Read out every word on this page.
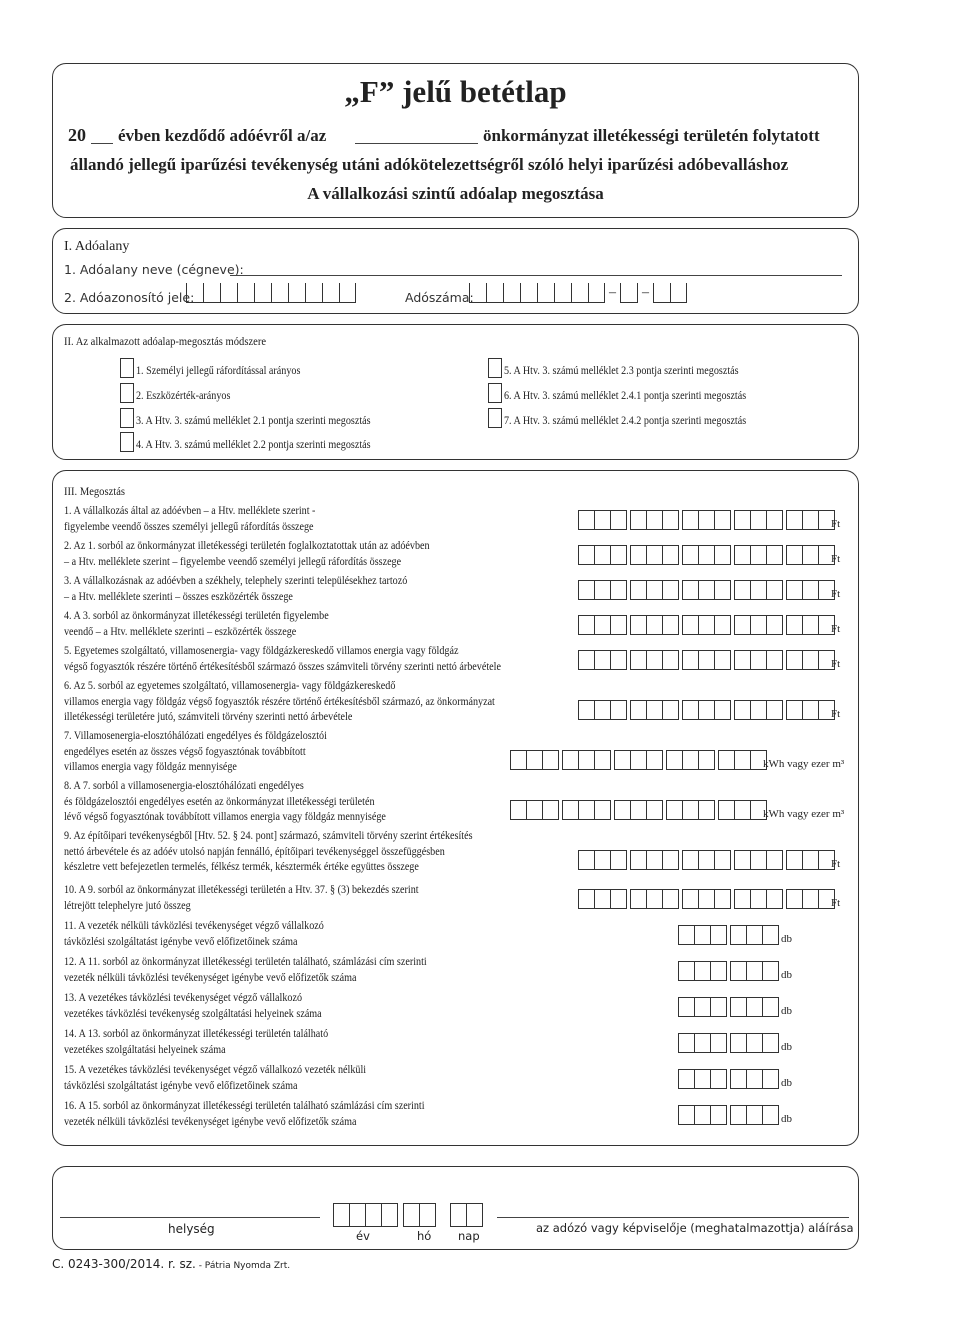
„F” jelű betétlap
20 évben kezdődő adóévről a/az	önkormányzat illetékességi területén folytatott
állandó jellegű iparűzési tevékenység utáni adókötelezettségről szóló helyi iparűzési adóbevalláshoz
A vállalkozási szintű adóalap megosztása
I. Adóalany
1. Adóalany neve (cégneve):
2. Adóazonosító jele:	Adószáma:	– –
II. Az alkalmazott adóalap-megosztás módszere
1. Személyi jellegű ráfordítással arányos
2. Eszközérték-arányos
3. A Htv. 3. számú melléklet 2.1 pontja szerinti megosztás
4. A Htv. 3. számú melléklet 2.2 pontja szerinti megosztás
5. A Htv. 3. számú melléklet 2.3 pontja szerinti megosztás
6. A Htv. 3. számú melléklet 2.4.1 pontja szerinti megosztás
7. A Htv. 3. számú melléklet 2.4.2 pontja szerinti megosztás
III. Megosztás
1. A vállalkozás által az adóévben – a Htv. melléklete szerint -
figyelembe veendő összes személyi jellegű ráfordítás összege	Ft
2. Az 1. sorból az önkormányzat illetékességi területén foglalkoztatottak után az adóévben
– a Htv. melléklete szerint – figyelembe veendő személyi jellegű ráfordítás összege	Ft
3. A vállalkozásnak az adóévben a székhely, telephely szerinti településekhez tartozó
– a Htv. melléklete szerinti – összes eszközérték összege	Ft
4. A 3. sorból az önkormányzat illetékességi területén figyelembe
veendő – a Htv. melléklete szerinti – eszközérték összege	Ft
5. Egyetemes szolgáltató, villamosenergia- vagy földgázkereskedő villamos energia vagy földgáz
végső fogyasztók részére történő értékesítésből származó összes számviteli törvény szerinti nettó árbevétele	Ft
6. Az 5. sorból az egyetemes szolgáltató, villamosenergia- vagy földgázkereskedő
villamos energia vagy földgáz végső fogyasztók részére történő értékesítésből származó, az önkormányzat
illetékességi területére jutó, számviteli törvény szerinti nettó árbevétele	Ft
7. Villamosenergia-elosztóhálózati engedélyes és földgázelosztói
engedélyes esetén az összes végső fogyasztónak továbbított
villamos energia vagy földgáz mennyisége	kWh vagy ezer m³
8. A 7. sorból a villamosenergia-elosztóhálózati engedélyes
és földgázelosztói engedélyes esetén az önkormányzat illetékességi területén
lévő végső fogyasztónak továbbított villamos energia vagy földgáz mennyisége	kWh vagy ezer m³
9. Az építőipari tevékenységből [Htv. 52. § 24. pont] származó, számviteli törvény szerint értékesítés
nettó árbevétele és az adóév utolsó napján fennálló, építőipari tevékenységgel összefüggésben
készletre vett befejezetlen termelés, félkész termék, késztermék értéke együttes összege	Ft
10. A 9. sorból az önkormányzat illetékességi területén a Htv. 37. § (3) bekezdés szerint
létrejött telephelyre jutó összeg	Ft
11. A vezeték nélküli távközlési tevékenységet végző vállalkozó
távközlési szolgáltatást igénybe vevő előfizetőinek száma	db
12. A 11. sorból az önkormányzat illetékességi területén található, számlázási cím szerinti
vezeték nélküli távközlési tevékenységet igénybe vevő előfizetők száma	db
13. A vezetékes távközlési tevékenységet végző vállalkozó
vezetékes távközlési tevékenység szolgáltatási helyeinek száma	db
14. A 13. sorból az önkormányzat illetékességi területén található
vezetékes szolgáltatási helyeinek száma	db
15. A vezetékes távközlési tevékenységet végző vállalkozó vezeték nélküli
távközlési szolgáltatást igénybe vevő előfizetőinek száma	db
16. A 15. sorból az önkormányzat illetékességi területén található számlázási cím szerinti
vezeték nélküli távközlési tevékenységet igénybe vevő előfizetők száma	db
helység	év	hó nap
az adózó vagy képviselője (meghatalmazottja) aláírása
C. 0243-300/2014. r. sz. - Pátria Nyomda Zrt.
